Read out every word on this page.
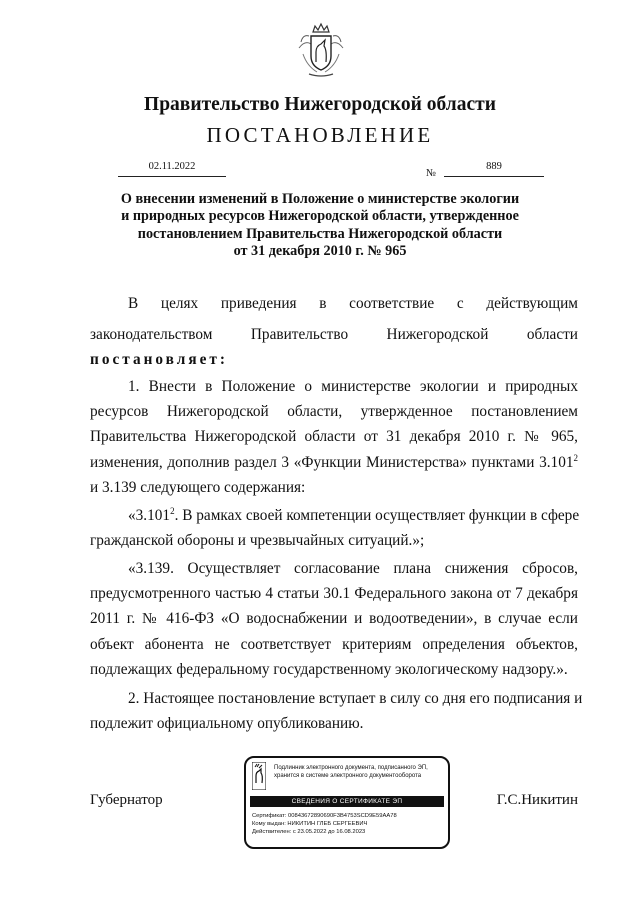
Правительство Нижегородской области
ПОСТАНОВЛЕНИЕ
02.11.2022
№
889
О внесении изменений в Положение о министерстве экологии
и природных ресурсов Нижегородской области, утвержденное
постановлением Правительства Нижегородской области
от 31 декабря 2010 г. № 965
В целях приведения в соответствие с действующим
законодательством Правительство Нижегородской области
постановляет:
1. Внести в Положение о министерстве экологии и природных
ресурсов Нижегородской области, утвержденное постановлением
Правительства Нижегородской области от 31 декабря 2010 г. № 965,
изменения, дополнив раздел 3 «Функции Министерства» пунктами 3.101$^2$
и 3.139 следующего содержания:
«3.101$^2$. В рамках своей компетенции осуществляет функции в сфере
гражданской обороны и чрезвычайных ситуаций.»;
«3.139. Осуществляет согласование плана снижения сбросов,
предусмотренного частью 4 статьи 30.1 Федерального закона от 7 декабря
2011 г. № 416-ФЗ «О водоснабжении и водоотведении», в случае если
объект абонента не соответствует критериям определения объектов,
подлежащих федеральному государственному экологическому надзору.».
2. Настоящее постановление вступает в силу со дня его подписания и
подлежит официальному опубликованию.
Губернатор	Г.С.Никитин
Подлинник электронного документа, подписанного ЭП,
хранится в системе электронного документооборота
СВЕДЕНИЯ О СЕРТИФИКАТЕ ЭП
Сертификат: 00843672890690F3B4753SCD9E59AA78
Кому выдан: НИКИТИН ГЛЕБ СЕРГЕЕВИЧ
Действителен: с 23.05.2022 до 16.08.2023
